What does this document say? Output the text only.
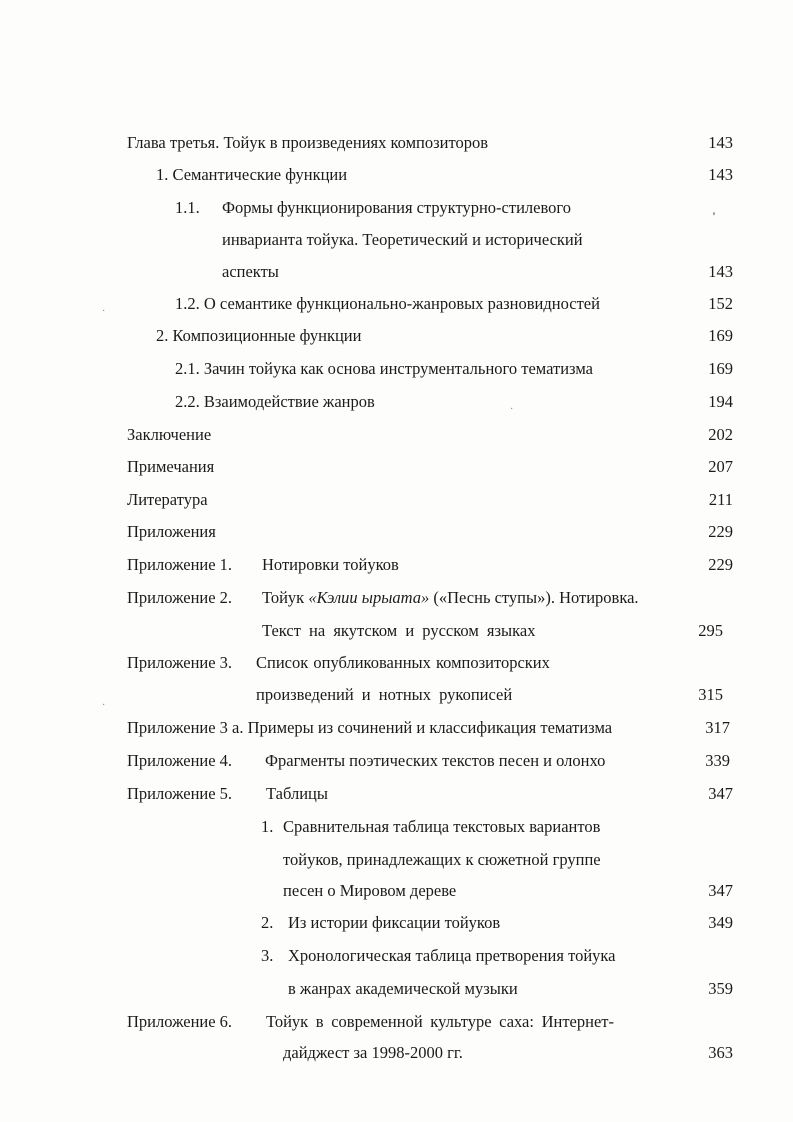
Глава третья. Тойук в произведениях композиторов	143
1. Семантические функции	143
1.1. Формы функционирования структурно-стилевого	'
инварианта тойука. Теоретический и исторический
аспекты	143
1.2. О семантике функционально-жанровых разновидностей	152
2. Композиционные функции	169
2.1. Зачин тойука как основа инструментального тематизма	169
2.2. Взаимодействие жанров	194
Заключение	202
Примечания	207
Литература	211
Приложения	229
Приложение 1. Нотировки тойуков	229
Приложение 2. Тойук «Кэлии ырыата» («Песнь ступы»). Нотировка.
Текст на якутском и русском языках	295
Приложение 3. Список опубликованных композиторских
произведений и нотных рукописей	315
Приложение 3 а. Примеры из сочинений и классификация тематизма	317
Приложение 4. Фрагменты поэтических текстов песен и олонхо	339
Приложение 5. Таблицы	347
1. Сравнительная таблица текстовых вариантов
тойуков, принадлежащих к сюжетной группе
песен о Мировом дереве	347
2. Из истории фиксации тойуков	349
3. Хронологическая таблица претворения тойука
в жанрах академической музыки	359
Приложение 6. Тойук в современной культуре саха: Интернет-
дайджест за 1998-2000 гг.	363
·
·
·
